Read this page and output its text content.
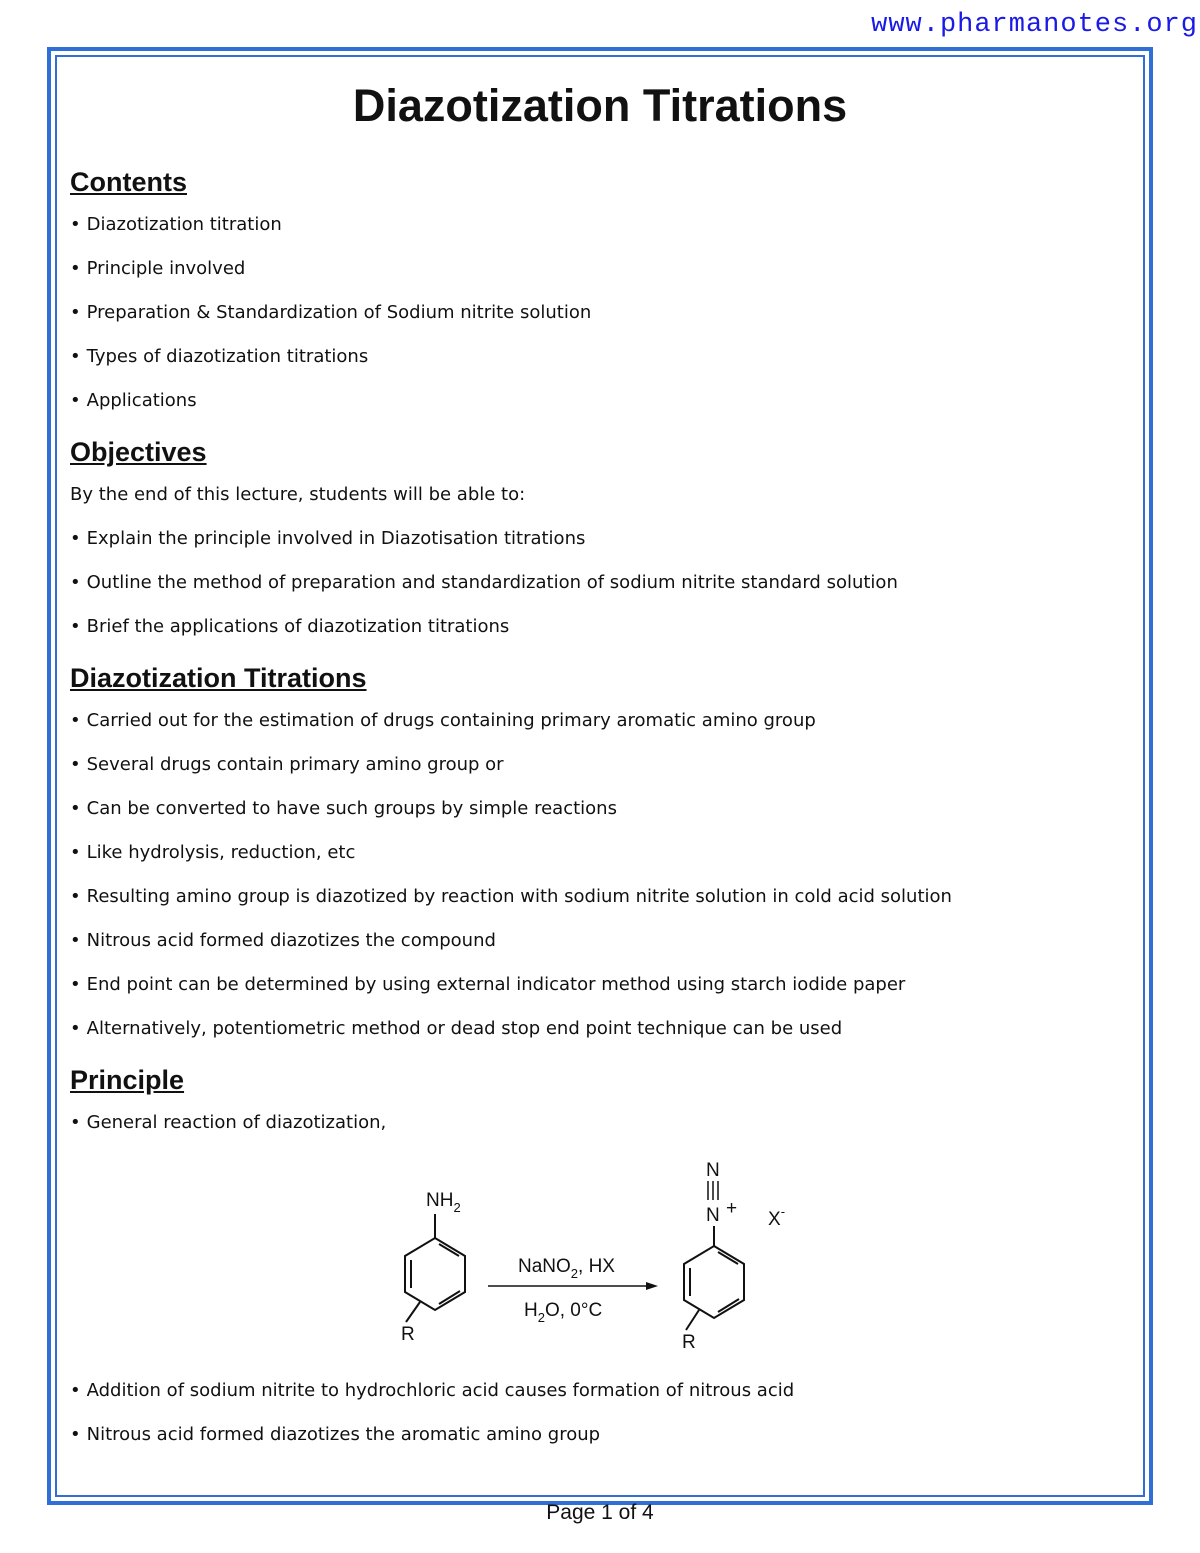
www.pharmanotes.org
Diazotization Titrations
Contents
• Diazotization titration
• Principle involved
• Preparation & Standardization of Sodium nitrite solution
• Types of diazotization titrations
• Applications
Objectives

By the end of this lecture, students will be able to:

• Explain the principle involved in Diazotisation titrations
• Outline the method of preparation and standardization of sodium nitrite standard solution
• Brief the applications of diazotization titrations
Diazotization Titrations
• Carried out for the estimation of drugs containing primary aromatic amino group
• Several drugs contain primary amino group or
• Can be converted to have such groups by simple reactions
• Like hydrolysis, reduction, etc
• Resulting amino group is diazotized by reaction with sodium nitrite solution in cold acid solution
• Nitrous acid formed diazotizes the compound
• End point can be determined by using external indicator method using starch iodide paper
• Alternatively, potentiometric method or dead stop end point technique can be used
Principle
• General reaction of diazotization,
$NH_2$
R
NaNO$_2$, HX
$H_2O$, 0°C
N
N +
X-
R
• Addition of sodium nitrite to hydrochloric acid causes formation of nitrous acid
• Nitrous acid formed diazotizes the aromatic amino group
Page 1 of 4
